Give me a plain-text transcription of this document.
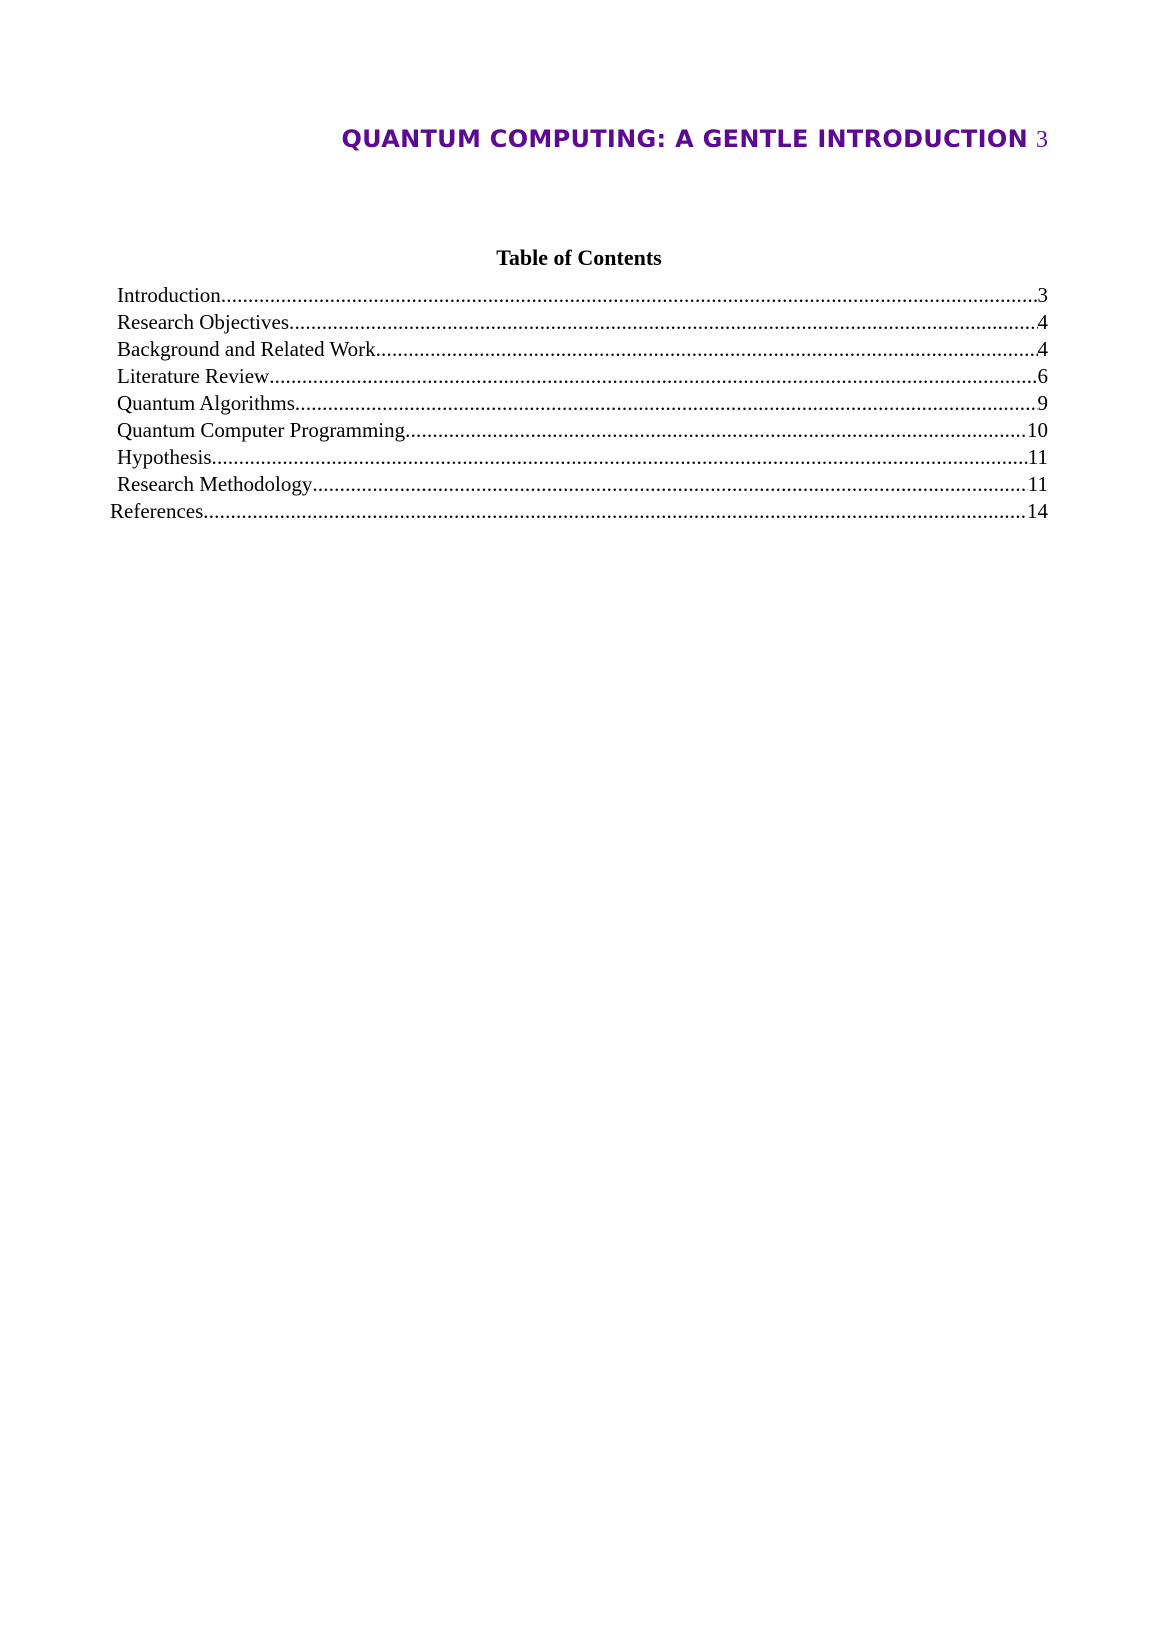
QUANTUM COMPUTING: A GENTLE INTRODUCTION 3
Table of Contents
Introduction .....	3
Research Objectives .....	4
Background and Related Work .....	4
Literature Review .....	6
Quantum Algorithms .....	9
Quantum Computer Programming .....	10
Hypothesis .....	11
Research Methodology .....	11
References .....	14
